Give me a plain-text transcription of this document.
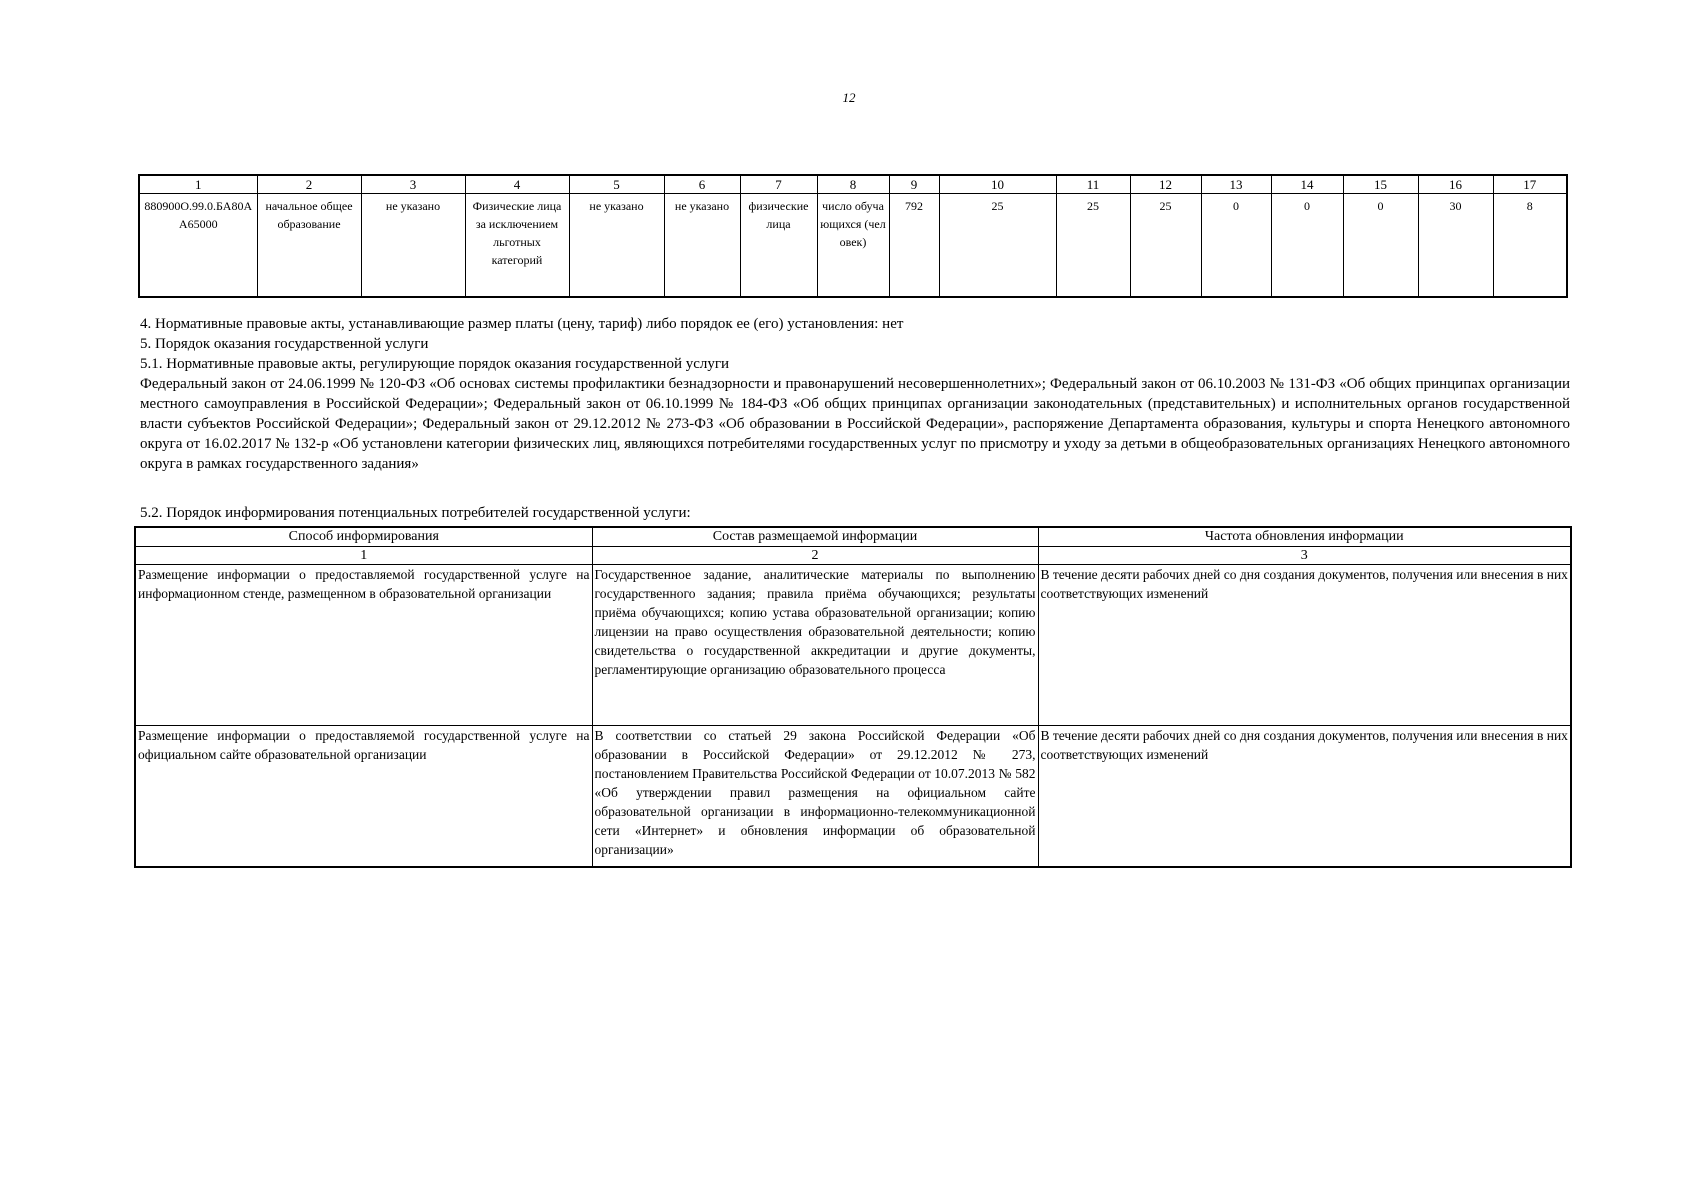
12
1	2	3	4	5	6	7	8	9	10	11	12	13	14	15	16	17
880900О.99.0.БА80АА65000	начальное общее образование	не указано	Физические лица за исключением льготных категорий	не указано	не указано	физические лица	число обучающихся (человек)	792	25	25	25	0	0	0	30	8

4. Нормативные правовые акты, устанавливающие размер платы (цену, тариф) либо порядок ее (его) установления: нет

5. Порядок оказания государственной услуги

5.1. Нормативные правовые акты, регулирующие порядок оказания государственной услуги

Федеральный закон от 24.06.1999 № 120-ФЗ «Об основах системы профилактики безнадзорности и правонарушений несовершеннолетних»; Федеральный закон от 06.10.2003 № 131-ФЗ «Об общих принципах организации местного самоуправления в Российской Федерации»; Федеральный закон от 06.10.1999 № 184-ФЗ «Об общих принципах организации законодательных (представительных) и исполнительных органов государственной власти субъектов Российской Федерации»; Федеральный закон от 29.12.2012 № 273-ФЗ «Об образовании в Российской Федерации», распоряжение Департамента образования, культуры и спорта Ненецкого автономного округа от 16.02.2017 № 132-р «Об установлени категории физических лиц, являющихся потребителями государственных услуг по присмотру и уходу за детьми в общеобразовательных организациях Ненецкого автономного округа в рамках государственного задания»

5.2. Порядок информирования потенциальных потребителей государственной услуги:
Способ информирования	Состав размещаемой информации	Частота обновления информации
1	2	3
Размещение информации о предоставляемой государственной услуге на информационном стенде, размещенном в образовательной организации	Государственное задание, аналитические материалы по выполнению государственного задания; правила приёма обучающихся; результаты приёма обучающихся; копию устава образовательной организации; копию лицензии на право осуществления образовательной деятельности; копию свидетельства о государственной аккредитации и другие документы, регламентирующие организацию образовательного процесса	В течение десяти рабочих дней со дня создания документов, получения или внесения в них соответствующих изменений
Размещение информации о предоставляемой государственной услуге на официальном сайте образовательной организации	В соответствии со статьей 29 закона Российской Федерации «Об образовании в Российской Федерации» от 29.12.2012 № 273, постановлением Правительства Российской Федерации от 10.07.2013 № 582 «Об утверждении правил размещения на официальном сайте образовательной организации в информационно-телекоммуникационной сети «Интернет» и обновления информации об образовательной организации»	В течение десяти рабочих дней со дня создания документов, получения или внесения в них соответствующих изменений
